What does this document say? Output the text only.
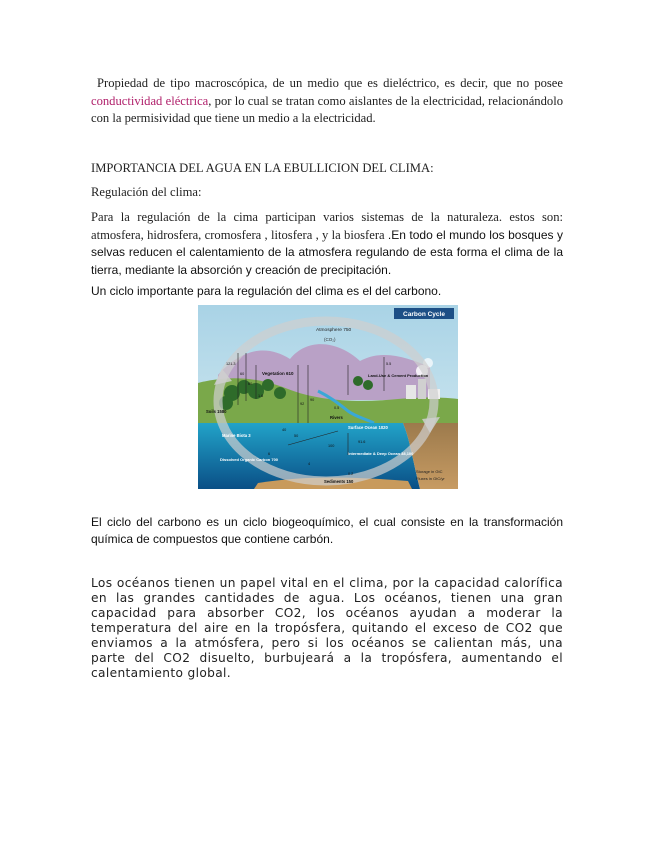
Propiedad de tipo macroscópica, de un medio que es dieléctrico, es decir, que no posee conductividad eléctrica, por lo cual se tratan como aislantes de la electricidad, relacionándolo con la permisividad que tiene un medio a la electricidad.

IMPORTANCIA DEL AGUA EN LA EBULLICION DEL CLIMA:
Regulación del clima:

Para la regulación de la cima participan varios sistemas de la naturaleza. estos son: atmosfera, hidrosfera, cromosfera , litosfera , y la biosfera .En todo el mundo los bosques y selvas reducen el calentamiento de la atmosfera regulando de esta forma el clima de la tierra, mediante la absorción y creación de precipitación.

Un ciclo importante para la regulación del clima es el del carbono.

Carbon Cycle
Atmosphere 750
(CO₂)
Vegetation 610	Land-Use & Cement Production
Soils 1580
Rivers
Surface Ocean 1020
Marine Biota 3
Dissolved Organic Carbon 700
Intermediate & Deep Ocean 38,100
Sediments 150
Storage in GtC
Fluxes in GtC/yr
121.3
60
60
1.6
5.5
0.5
92
90
50
40
91.6
100
6
4
0.2

El ciclo del carbono es un ciclo biogeoquímico, el cual consiste en la transformación química de compuestos que contiene carbón.

Los océanos tienen un papel vital en el clima, por la capacidad calorífica en las grandes cantidades de agua. Los océanos, tienen una gran capacidad para absorber CO2, los océanos ayudan a moderar la temperatura del aire en la tropósfera, quitando el exceso de CO2 que enviamos a la atmósfera, pero si los océanos se calientan más, una parte del CO2 disuelto, burbujeará a la tropósfera, aumentando el calentamiento global.
